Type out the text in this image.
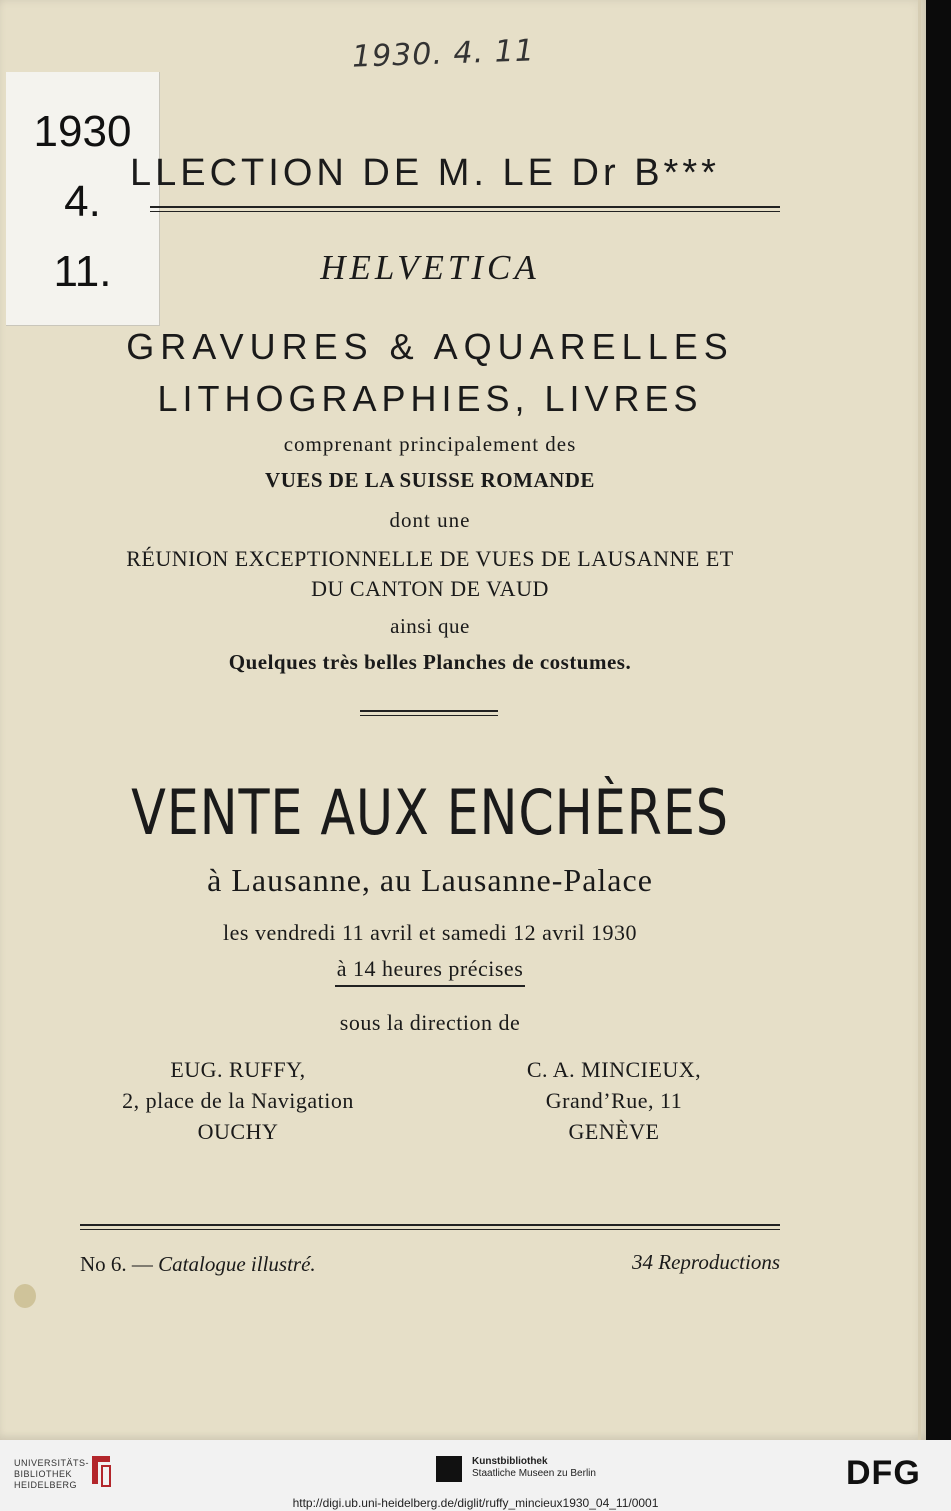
1930. 4. 11
1930
4.
11.
LLECTION DE M. LE Dr B***
HELVETICA
GRAVURES & AQUARELLES
LITHOGRAPHIES, LIVRES
comprenant principalement des
VUES DE LA SUISSE ROMANDE
dont une
RÉUNION EXCEPTIONNELLE DE VUES DE LAUSANNE ET
DU CANTON DE VAUD
ainsi que
Quelques très belles Planches de costumes.
VENTE AUX ENCHÈRES
à Lausanne, au Lausanne-Palace
les vendredi 11 avril et samedi 12 avril 1930
à 14 heures précises
sous la direction de
EUG. RUFFY,
2, place de la Navigation
OUCHY
C. A. MINCIEUX,
Grand’Rue, 11
GENÈVE
No 6. — Catalogue illustré.	34 Reproductions
UNIVERSITÄTS-
BIBLIOTHEK
HEIDELBERG
Kunstbibliothek
Staatliche Museen zu Berlin	DFG
http://digi.ub.uni-heidelberg.de/diglit/ruffy_mincieux1930_04_11/0001
